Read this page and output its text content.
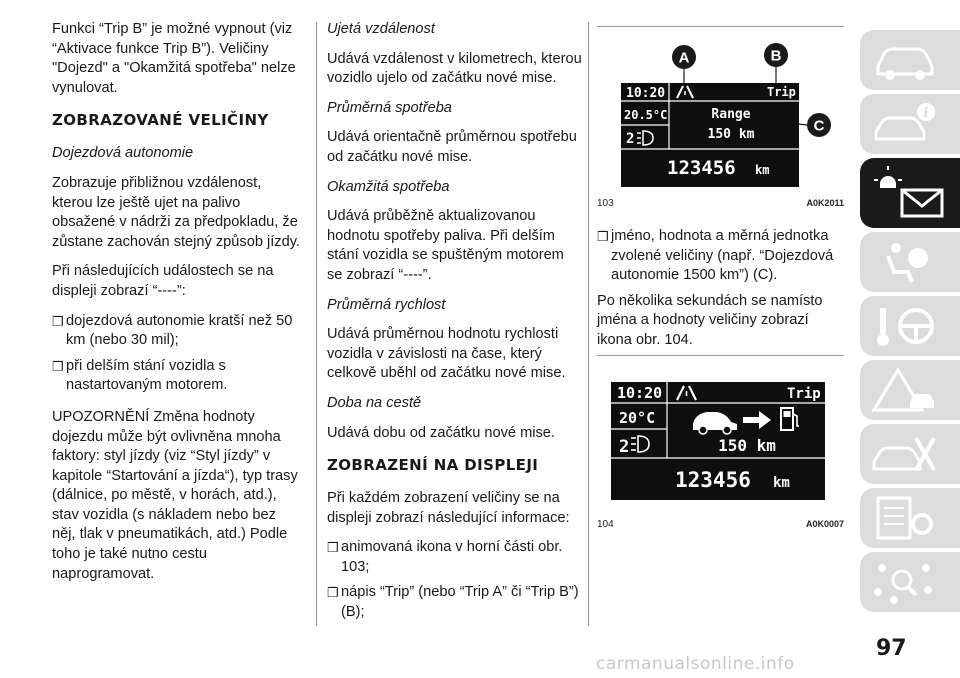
Funkci “Trip B” je možné vypnout (viz “Aktivace funkce Trip B”). Veličiny "Dojezd" a "Okamžitá spotřeba" nelze vynulovat.

ZOBRAZOVANÉ VELIČINY
Dojezdová autonomie

Zobrazuje přibližnou vzdálenost, kterou lze ještě ujet na palivo obsažené v nádrži za předpokladu, že zůstane zachován stejný způsob jízdy.

Při následujících událostech se na displeji zobrazí “----”:

❒ dojezdová autonomie kratší než 50 km (nebo 30 mil);
❒ při delším stání vozidla s nastartovaným motorem.

UPOZORNĚNÍ Změna hodnoty dojezdu může být ovlivněna mnoha faktory: styl jízdy (viz “Styl jízdy” v kapitole “Startování a jízda“), typ trasy (dálnice, po městě, v horách, atd.), stav vozidla (s nákladem nebo bez něj, tlak v pneumatikách, atd.) Podle toho je také nutno cestu naprogramovat.

Ujetá vzdálenost

Udává vzdálenost v kilometrech, kterou vozidlo ujelo od začátku nové mise.

Průměrná spotřeba

Udává orientačně průměrnou spotřebu od začátku nové mise.

Okamžitá spotřeba

Udává průběžně aktualizovanou hodnotu spotřeby paliva. Při delším stání vozidla se spuštěným motorem se zobrazí “----”.

Průměrná rychlost

Udává průměrnou hodnotu rychlosti vozidla v závislosti na čase, který celkově uběhl od začátku nové mise.

Doba na cestě

Udává dobu od začátku nové mise.

ZOBRAZENÍ NA DISPLEJI

Při každém zobrazení veličiny se na displeji zobrazí následující informace:

❒ animovaná ikona v horní části obr. 103;
❒ nápis “Trip” (nebo “Trip A” či “Trip B”) (B);
A	B
C
10:20
20.5°C
2
Trip
Range
150 km
123456 km
103	A0K2011
❒ jméno, hodnota a měrná jednotka zvolené veličiny (např. “Dojezdová autonomie 1500 km”) (C).

Po několika sekundách se namísto jména a hodnoty veličiny zobrazí ikona obr. 104.

10:20
20°C
2
Trip
150 km
123456 km
104	A0K0007
i
97
carmanualsonline.info
